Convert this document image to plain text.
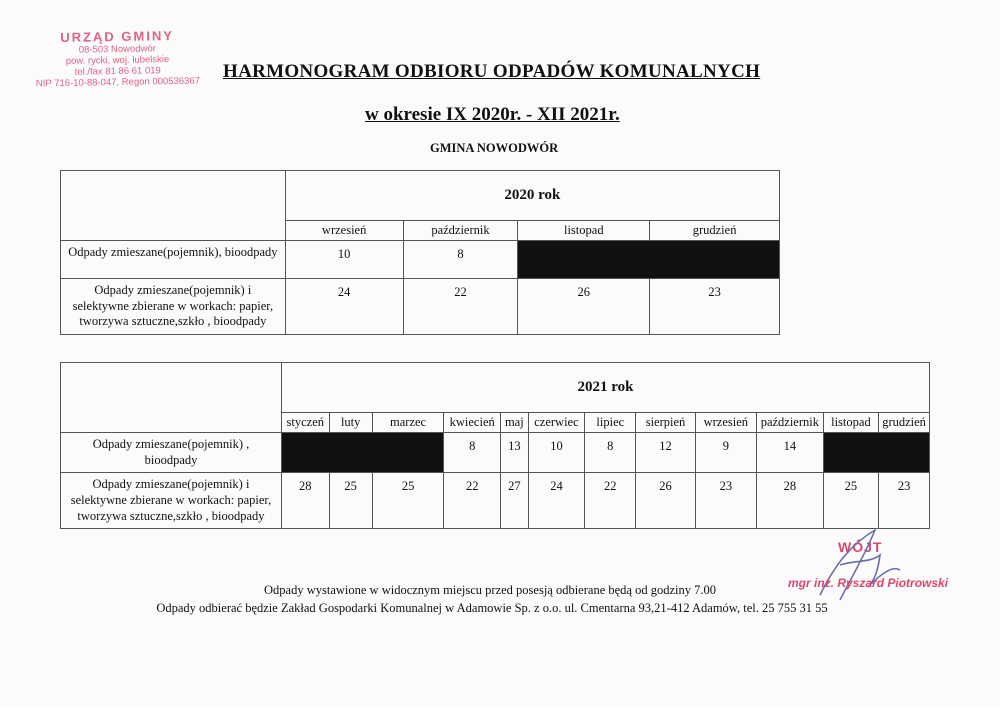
URZĄD GMINY
08-503 Nowodwór
pow. rycki, woj. lubelskie
tel./fax 81 86 61 019
NIP 716-10-88-047, Regon 000536367
HARMONOGRAM ODBIORU ODPADÓW KOMUNALNYCH
w okresie IX 2020r. - XII 2021r.
GMINA NOWODWÓR
	2020 rok			
	wrzesień	październik	listopad	grudzień
Odpady zmieszane(pojemnik), bioodpady	10	8		
Odpady zmieszane(pojemnik) i selektywne zbierane w workach: papier, tworzywa sztuczne,szkło , bioodpady	24	22	26	23
	2021 rok											
	styczeń	luty	marzec	kwiecień	maj	czerwiec	lipiec	sierpień	wrzesień	październik	listopad	grudzień
Odpady zmieszane(pojemnik) , bioodpady				8	13	10	8	12	9	14		
Odpady zmieszane(pojemnik) i selektywne zbierane w workach: papier, tworzywa sztuczne,szkło , bioodpady	28	25	25	22	27	24	22	26	23	28	25	23
Odpady wystawione w widocznym miejscu przed posesją odbierane będą od godziny 7.00
Odpady odbierać będzie Zakład Gospodarki Komunalnej w Adamowie Sp. z o.o. ul. Cmentarna 93,21-412 Adamów, tel. 25 755 31 55
WÓJT
mgr inż. Ryszard Piotrowski
